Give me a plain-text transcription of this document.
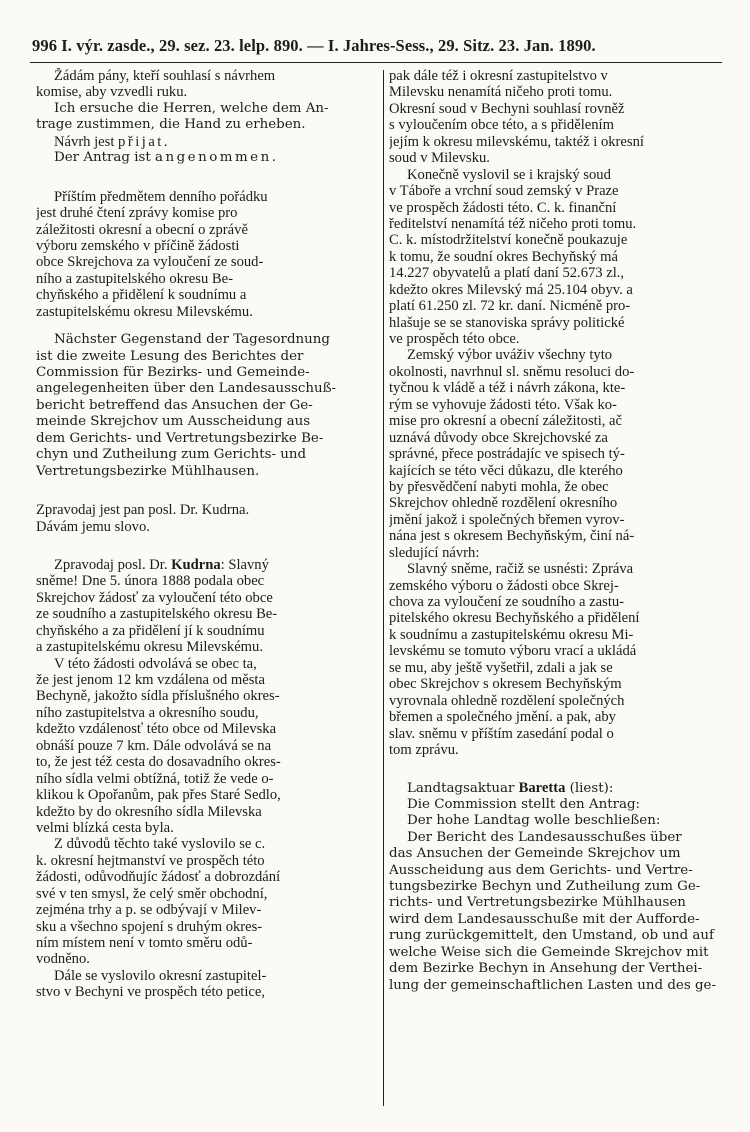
996 I. výr. zasde., 29. sez. 23. lelp. 890. — I. Jahres-Sess., 29. Sitz. 23. Jan. 1890.
Žádám pány, kteří souhlasí s návrhem
komise, aby vzvedli ruku.
Ich ersuche die Herren, welche dem An-
trage zustimmen, die Hand zu erheben.
Návrh jest přijat.
Der Antrag ist angenommen.
Příštím předmětem denního pořádku
jest druhé čtení zprávy komise pro
záležitosti okresní a obecní o zprávě
výboru zemského v příčině žádosti
obce Skrejchova za vyloučení ze soud-
ního a zastupitelského okresu Be-
chyňského a přidělení k soudnímu a
zastupitelskému okresu Milevskému.
Nächster Gegenstand der Tagesordnung
ist die zweite Lesung des Berichtes der
Commission für Bezirks- und Gemeinde-
angelegenheiten über den Landesausschuß-
bericht betreffend das Ansuchen der Ge-
meinde Skrejchov um Ausscheidung aus
dem Gerichts- und Vertretungsbezirke Be-
chyn und Zutheilung zum Gerichts- und
Vertretungsbezirke Mühlhausen.
Zpravodaj jest pan posl. Dr. Kudrna.
Dávám jemu slovo.
Zpravodaj posl. Dr. Kudrna: Slavný
sněme! Dne 5. února 1888 podala obec
Skrejchov žádosť za vyloučení této obce
ze soudního a zastupitelského okresu Be-
chyňského a za přidělení jí k soudnímu
a zastupitelskému okresu Milevskému.
V této žádosti odvolává se obec ta,
že jest jenom 12 km vzdálena od města
Bechyně, jakožto sídla příslušného okres-
ního zastupitelstva a okresního soudu,
kdežto vzdálenosť této obce od Milevska
obnáší pouze 7 km. Dále odvolává se na
to, že jest též cesta do dosavadního okres-
ního sídla velmi obtížná, totiž že vede o-
klikou k Opořanům, pak přes Staré Sedlo,
kdežto by do okresního sídla Milevska
velmi blízká cesta byla.
Z důvodů těchto také vyslovilo se c.
k. okresní hejtmanství ve prospěch této
žádosti, odůvodňujíc žádosť a dobrozdání
své v ten smysl, že celý směr obchodní,
zejména trhy a p. se odbývají v Milev-
sku a všechno spojení s druhým okres-
ním místem není v tomto směru odů-
vodněno.
Dále se vyslovilo okresní zastupitel-
stvo v Bechyni ve prospěch této petice,
pak dále též i okresní zastupitelstvo v
Milevsku nenamítá ničeho proti tomu.
Okresní soud v Bechyni souhlasí rovněž
s vyloučením obce této, a s přidělením
jejím k okresu milevskému, taktéž i okresní
soud v Milevsku.
Konečně vyslovil se i krajský soud
v Táboře a vrchní soud zemský v Praze
ve prospěch žádosti této. C. k. finanční
ředitelství nenamítá též ničeho proti tomu.
C. k. místodržitelství konečně poukazuje
k tomu, že soudní okres Bechyňský má
14.227 obyvatelů a platí daní 52.673 zl.,
kdežto okres Milevský má 25.104 obyv. a
platí 61.250 zl. 72 kr. daní. Nicméně pro-
hlašuje se se stanoviska správy politické
ve prospěch této obce.
Zemský výbor uváživ všechny tyto
okolnosti, navrhnul sl. sněmu resoluci do-
tyčnou k vládě a též i návrh zákona, kte-
rým se vyhovuje žádosti této. Však ko-
mise pro okresní a obecní záležitosti, ač
uznává důvody obce Skrejchovské za
správné, přece postrádajíc ve spisech tý-
kajících se této věci důkazu, dle kterého
by přesvědčení nabyti mohla, že obec
Skrejchov ohledně rozdělení okresního
jmění jakož i společných břemen vyrov-
nána jest s okresem Bechyňským, činí ná-
sledující návrh:
Slavný sněme, račiž se usnésti: Zpráva
zemského výboru o žádosti obce Skrej-
chova za vyloučení ze soudního a zastu-
pitelského okresu Bechyňského a přidělení
k soudnímu a zastupitelskému okresu Mi-
levskému se tomuto výboru vrací a ukládá
se mu, aby ještě vyšetřil, zdali a jak se
obec Skrejchov s okresem Bechyňským
vyrovnala ohledně rozdělení společných
břemen a společného jmění. a pak, aby
slav. sněmu v příštím zasedání podal o
tom zprávu.
Landtagsaktuar Baretta (liest):
Die Commission stellt den Antrag:
Der hohe Landtag wolle beschließen:
Der Bericht des Landesausschußes über
das Ansuchen der Gemeinde Skrejchov um
Ausscheidung aus dem Gerichts- und Vertre-
tungsbezirke Bechyn und Zutheilung zum Ge-
richts- und Vertretungsbezirke Mühlhausen
wird dem Landesausschuße mit der Aufforde-
rung zurückgemittelt, den Umstand, ob und auf
welche Weise sich die Gemeinde Skrejchov mit
dem Bezirke Bechyn in Ansehung der Verthei-
lung der gemeinschaftlichen Lasten und des ge-
